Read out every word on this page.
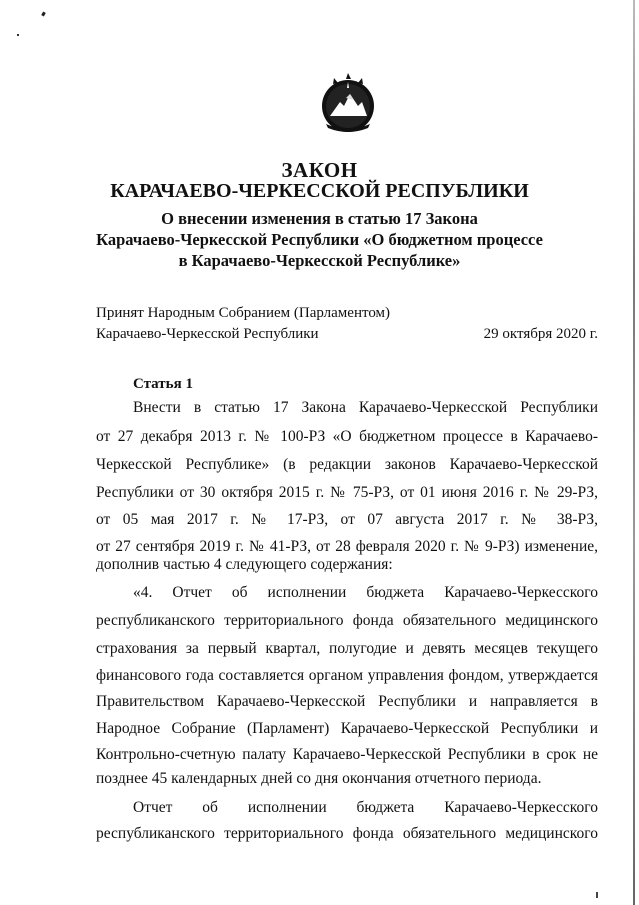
ЗАКОН
КАРАЧАЕВО-ЧЕРКЕССКОЙ РЕСПУБЛИКИ
О внесении изменения в статью 17 Закона
Карачаево-Черкесской Республики «О бюджетном процессе
в Карачаево-Черкесской Республике»
Принят Народным Собранием (Парламентом)
Карачаево-Черкесской Республики	29 октября 2020 г.
Статья 1
Внести в статью 17 Закона Карачаево-Черкесской Республики
от 27 декабря 2013 г. № 100-РЗ «О бюджетном процессе в Карачаево-
Черкесской Республике» (в редакции законов Карачаево-Черкесской
Республики от 30 октября 2015 г. № 75-РЗ, от 01 июня 2016 г. № 29-РЗ,
от 05 мая 2017 г. № 17-РЗ, от 07 августа 2017 г. № 38-РЗ,
от 27 сентября 2019 г. № 41-РЗ, от 28 февраля 2020 г. № 9-РЗ) изменение,
дополнив частью 4 следующего содержания:
«4. Отчет об исполнении бюджета Карачаево-Черкесского
республиканского территориального фонда обязательного медицинского
страхования за первый квартал, полугодие и девять месяцев текущего
финансового года составляется органом управления фондом, утверждается
Правительством Карачаево-Черкесской Республики и направляется в
Народное Собрание (Парламент) Карачаево-Черкесской Республики и
Контрольно-счетную палату Карачаево-Черкесской Республики в срок не
позднее 45 календарных дней со дня окончания отчетного периода.
Отчет об исполнении бюджета Карачаево-Черкесского
республиканского территориального фонда обязательного медицинского
